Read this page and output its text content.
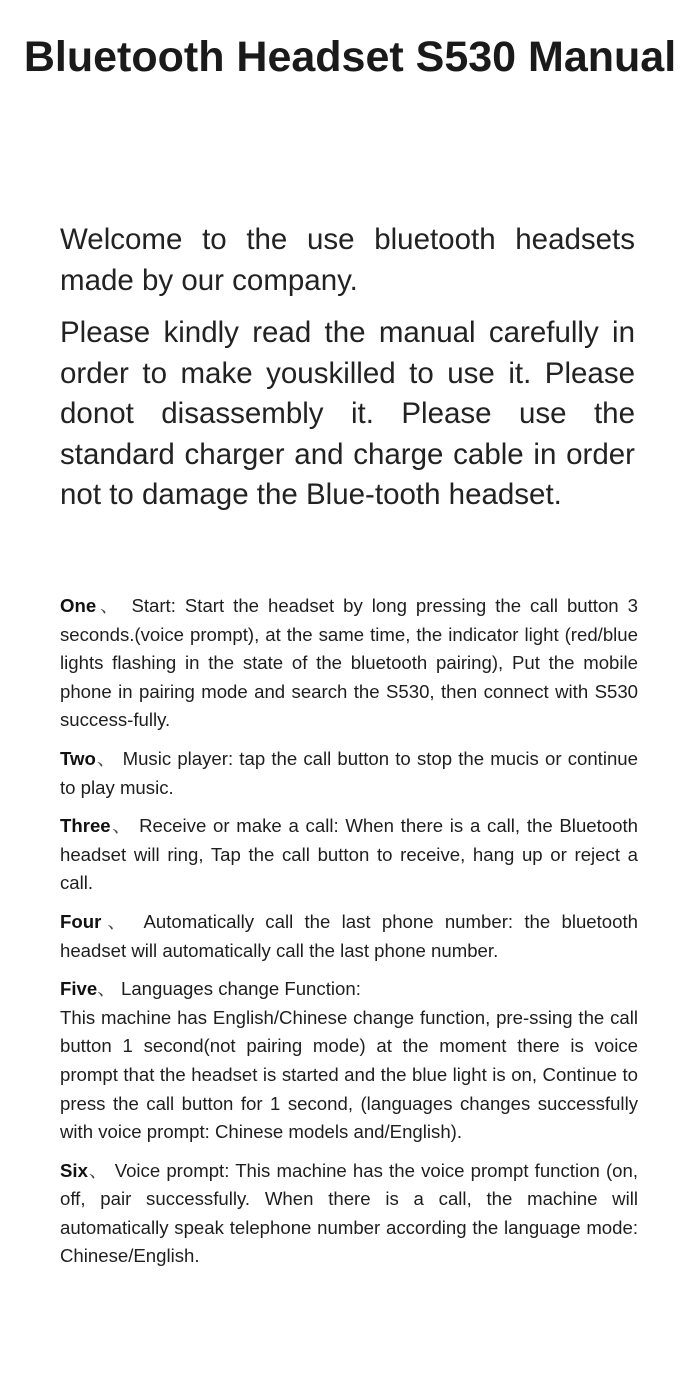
Bluetooth Headset S530 Manual

Welcome to the use bluetooth headsets made by our company.

Please kindly read the manual carefully in order to make youskilled to use it. Please donot disassembly it. Please use the standard charger and charge cable in order not to damage the Blue-tooth headset.

One、 Start: Start the headset by long pressing the call button 3 seconds.(voice prompt), at the same time, the indicator light (red/blue lights flashing in the state of the bluetooth pairing), Put the mobile phone in pairing mode and search the S530, then connect with S530 success-fully.

Two、 Music player: tap the call button to stop the mucis or continue to play music.

Three、 Receive or make a call: When there is a call, the Bluetooth headset will ring, Tap the call button to receive, hang up or reject a call.

Four、 Automatically call the last phone number: the bluetooth headset will automatically call the last phone number.

Five、 Languages change Function:
This machine has English/Chinese change function, pre-ssing the call button 1 second(not pairing mode) at the moment there is voice prompt that the headset is started and the blue light is on, Continue to press the call button for 1 second, (languages changes successfully with voice prompt: Chinese models and/English).

Six、 Voice prompt: This machine has the voice prompt function (on, off, pair successfully. When there is a call, the machine will automatically speak telephone number according the language mode: Chinese/English.
